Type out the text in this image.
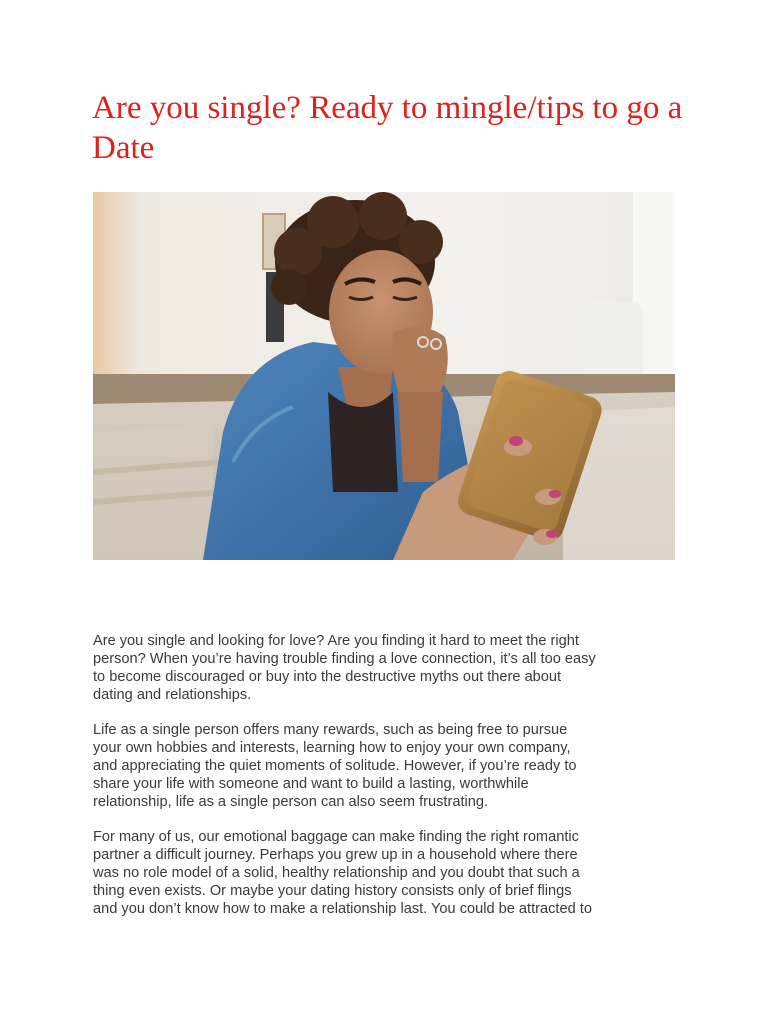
Are you single? Ready to mingle/tips to go a Date

Are you single and looking for love? Are you finding it hard to meet the right
person? When you’re having trouble finding a love connection, it’s all too easy
to become discouraged or buy into the destructive myths out there about
dating and relationships.

Life as a single person offers many rewards, such as being free to pursue
your own hobbies and interests, learning how to enjoy your own company,
and appreciating the quiet moments of solitude. However, if you’re ready to
share your life with someone and want to build a lasting, worthwhile
relationship, life as a single person can also seem frustrating.

For many of us, our emotional baggage can make finding the right romantic
partner a difficult journey. Perhaps you grew up in a household where there
was no role model of a solid, healthy relationship and you doubt that such a
thing even exists. Or maybe your dating history consists only of brief flings
and you don’t know how to make a relationship last. You could be attracted to
